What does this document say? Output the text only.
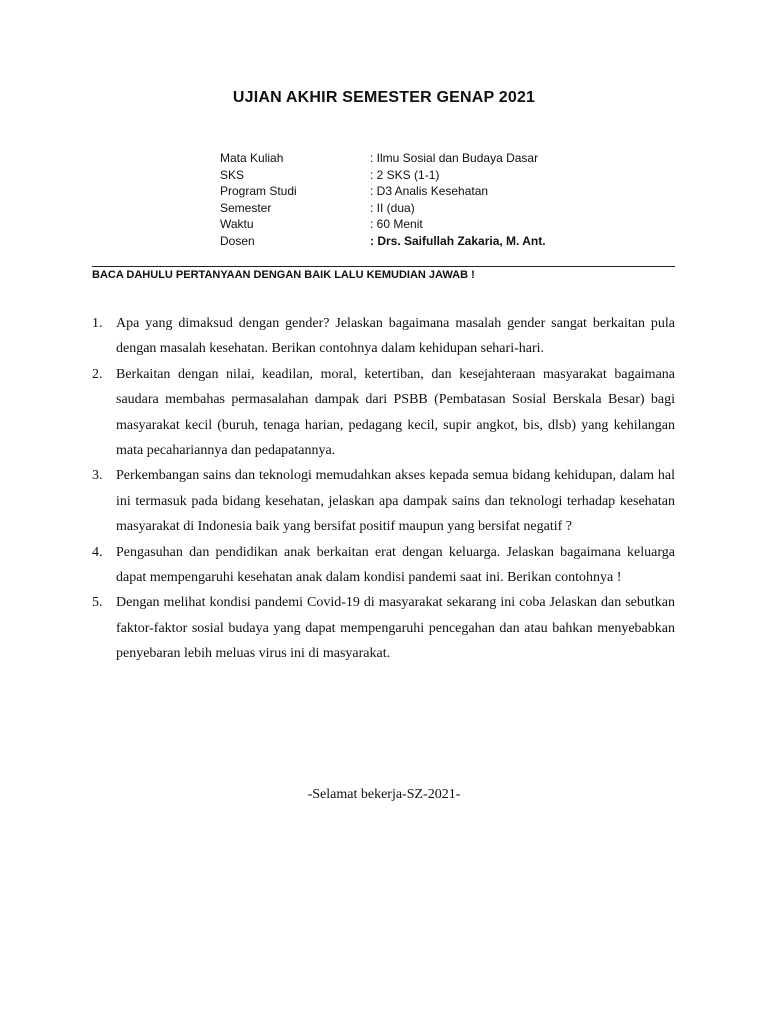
UJIAN AKHIR SEMESTER GENAP 2021
Mata Kuliah	: Ilmu Sosial dan Budaya Dasar
SKS	: 2 SKS (1-1)
Program Studi	: D3 Analis Kesehatan
Semester	: II (dua)
Waktu	: 60 Menit
Dosen	: Drs. Saifullah Zakaria, M. Ant.
BACA DAHULU PERTANYAAN DENGAN BAIK LALU KEMUDIAN JAWAB !
1. Apa yang dimaksud dengan gender? Jelaskan bagaimana masalah gender sangat berkaitan pula dengan masalah kesehatan. Berikan contohnya dalam kehidupan sehari-hari.
2. Berkaitan dengan nilai, keadilan, moral, ketertiban, dan kesejahteraan masyarakat bagaimana saudara membahas permasalahan dampak dari PSBB (Pembatasan Sosial Berskala Besar) bagi masyarakat kecil (buruh, tenaga harian, pedagang kecil, supir angkot, bis, dlsb) yang kehilangan mata pecahariannya dan pedapatannya.
3. Perkembangan sains dan teknologi memudahkan akses kepada semua bidang kehidupan, dalam hal ini termasuk pada bidang kesehatan, jelaskan apa dampak sains dan teknologi terhadap kesehatan masyarakat di Indonesia baik yang bersifat positif maupun yang bersifat negatif ?
4. Pengasuhan dan pendidikan anak berkaitan erat dengan keluarga. Jelaskan bagaimana keluarga dapat mempengaruhi kesehatan anak dalam kondisi pandemi saat ini. Berikan contohnya !
5. Dengan melihat kondisi pandemi Covid-19 di masyarakat sekarang ini coba Jelaskan dan sebutkan faktor-faktor sosial budaya yang dapat mempengaruhi pencegahan dan atau bahkan menyebabkan penyebaran lebih meluas virus ini di masyarakat.
-Selamat bekerja-SZ-2021-
